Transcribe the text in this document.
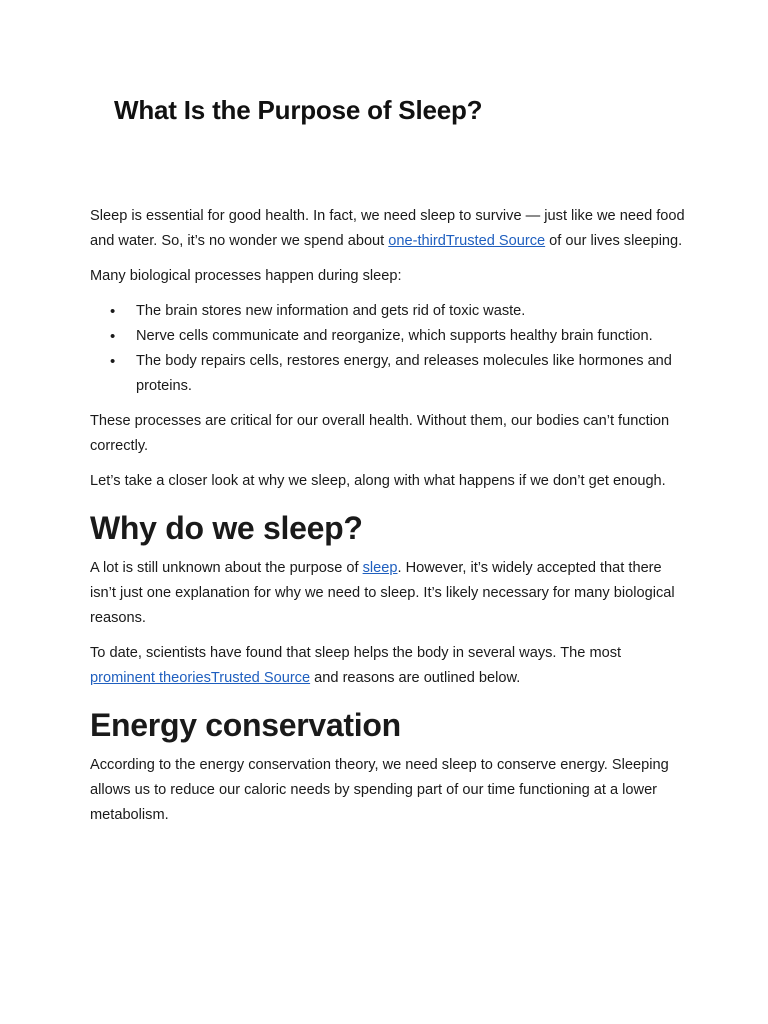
What Is the Purpose of Sleep?

Sleep is essential for good health. In fact, we need sleep to survive — just like we need food and water. So, it’s no wonder we spend about one-thirdTrusted Source of our lives sleeping.

Many biological processes happen during sleep:

• The brain stores new information and gets rid of toxic waste.
• Nerve cells communicate and reorganize, which supports healthy brain function.
• The body repairs cells, restores energy, and releases molecules like hormones and proteins.

These processes are critical for our overall health. Without them, our bodies can’t function correctly.

Let’s take a closer look at why we sleep, along with what happens if we don’t get enough.

Why do we sleep?

A lot is still unknown about the purpose of sleep. However, it’s widely accepted that there isn’t just one explanation for why we need to sleep. It’s likely necessary for many biological reasons.

To date, scientists have found that sleep helps the body in several ways. The most prominent theoriesTrusted Source and reasons are outlined below.

Energy conservation

According to the energy conservation theory, we need sleep to conserve energy. Sleeping allows us to reduce our caloric needs by spending part of our time functioning at a lower metabolism.
